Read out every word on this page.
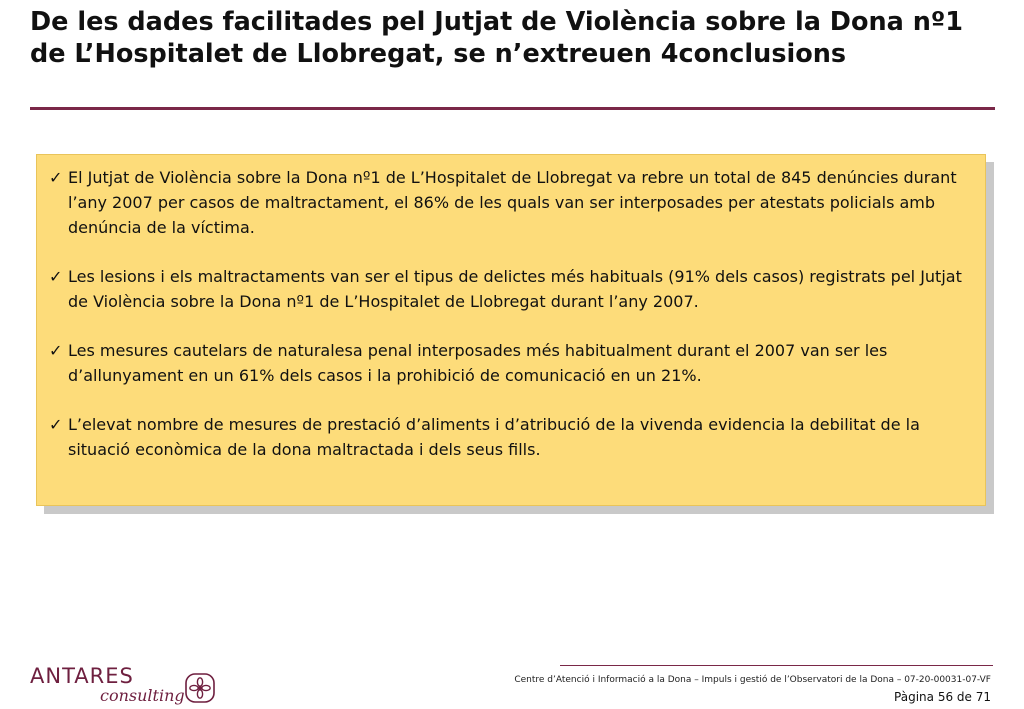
De les dades facilitades pel Jutjat de Violència sobre la Dona nº1 de L’Hospitalet de Llobregat, se n’extreuen 4conclusions
✓ El Jutjat de Violència sobre la Dona nº1 de L’Hospitalet de Llobregat va rebre un total de 845 denúncies durant l’any 2007 per casos de maltractament, el 86% de les quals van ser interposades per atestats policials amb denúncia de la víctima.
✓ Les lesions i els maltractaments van ser el tipus de delictes més habituals (91% dels casos) registrats pel Jutjat de Violència sobre la Dona nº1 de L’Hospitalet de Llobregat durant l’any 2007.
✓ Les mesures cautelars de naturalesa penal interposades més habitualment durant el 2007 van ser les d’allunyament en un 61% dels casos i la prohibició de comunicació en un 21%.
✓ L’elevat nombre de mesures de prestació d’aliments i d’atribució de la vivenda evidencia la debilitat de la situació econòmica de la dona maltractada i dels seus fills.
ANTARES
consulting
Centre d’Atenció i Informació a la Dona – Impuls i gestió de l’Observatori de la Dona – 07-20-00031-07-VF
Pàgina 56 de 71
